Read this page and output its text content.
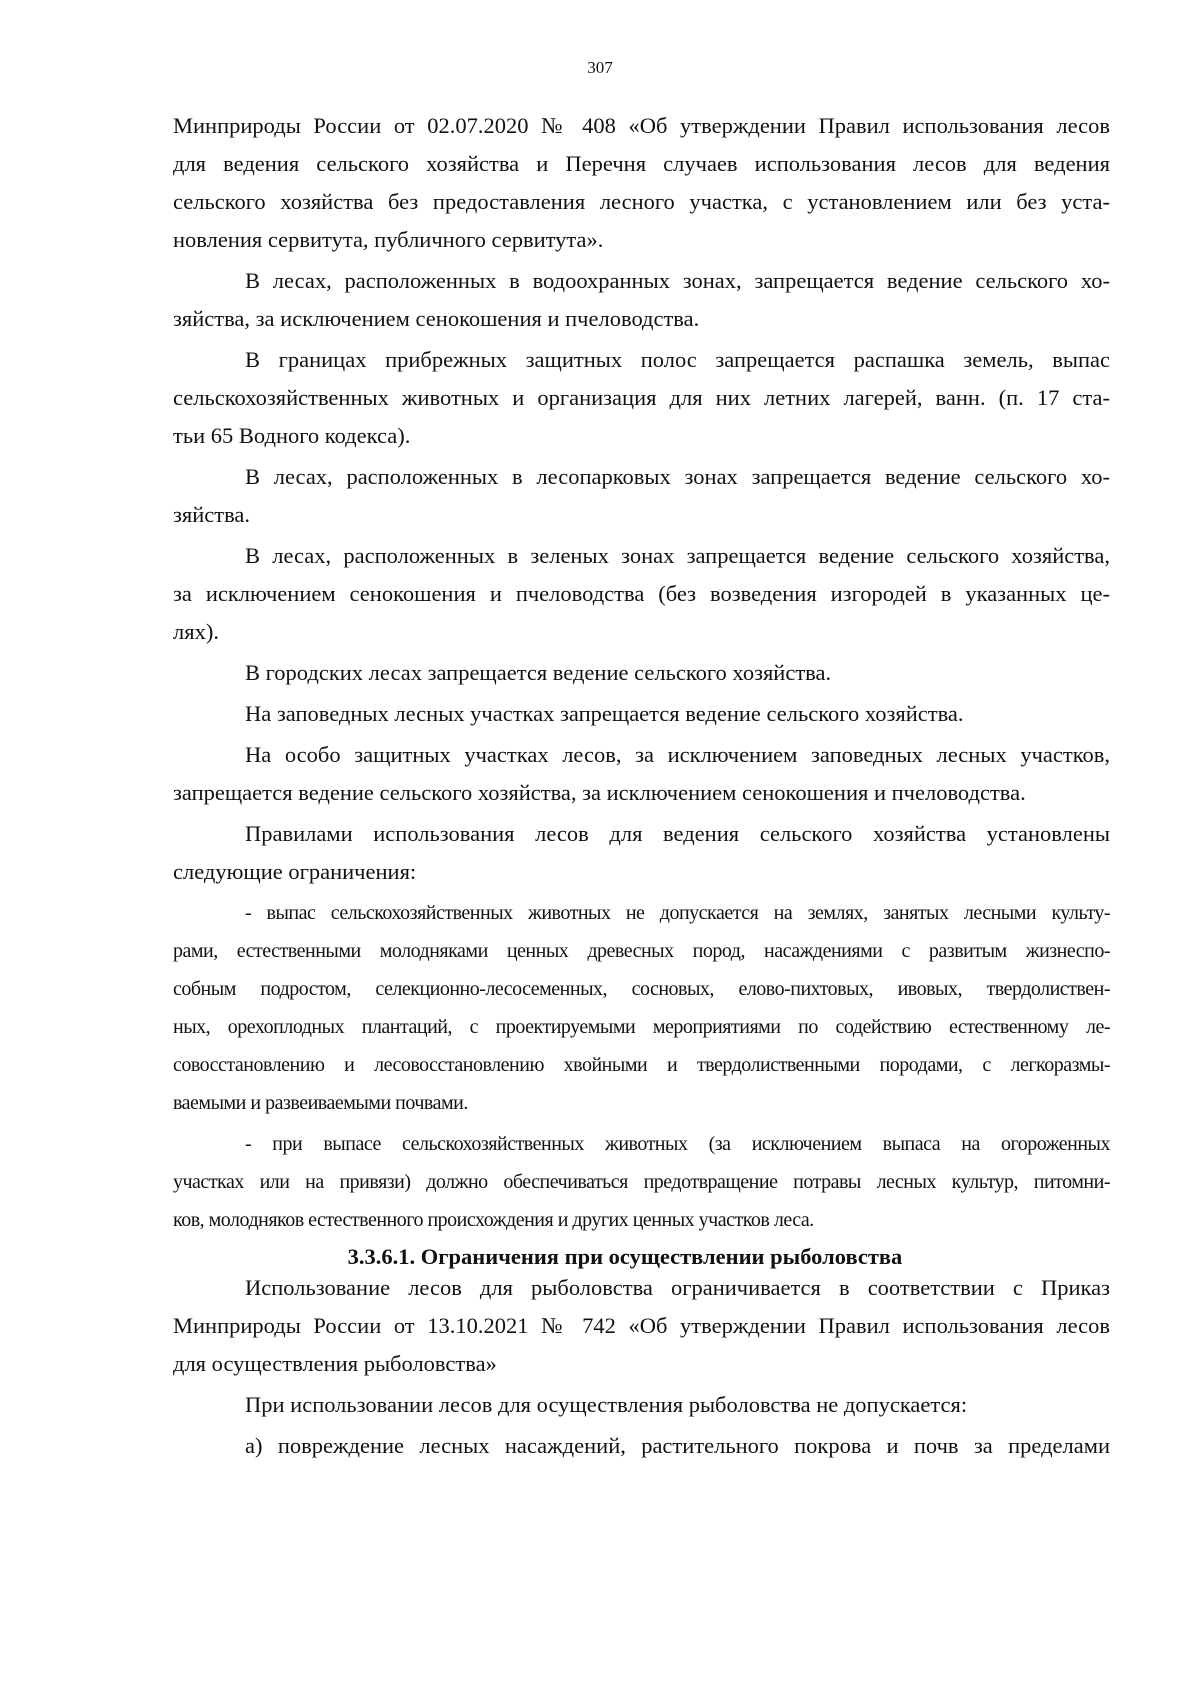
307
Минприроды России от 02.07.2020 № 408 «Об утверждении Правил использования лесов
для ведения сельского хозяйства и Перечня случаев использования лесов для ведения
сельского хозяйства без предоставления лесного участка, с установлением или без уста-
новления сервитута, публичного сервитута».
В лесах, расположенных в водоохранных зонах, запрещается ведение сельского хо-
зяйства, за исключением сенокошения и пчеловодства.
В границах прибрежных защитных полос запрещается распашка земель, выпас
сельскохозяйственных животных и организация для них летних лагерей, ванн. (п. 17 ста-
тьи 65 Водного кодекса).
В лесах, расположенных в лесопарковых зонах запрещается ведение сельского хо-
зяйства.
В лесах, расположенных в зеленых зонах запрещается ведение сельского хозяйства,
за исключением сенокошения и пчеловодства (без возведения изгородей в указанных це-
лях).
В городских лесах запрещается ведение сельского хозяйства.
На заповедных лесных участках запрещается ведение сельского хозяйства.
На особо защитных участках лесов, за исключением заповедных лесных участков,
запрещается ведение сельского хозяйства, за исключением сенокошения и пчеловодства.
Правилами использования лесов для ведения сельского хозяйства установлены
следующие ограничения:
- выпас сельскохозяйственных животных не допускается на землях, занятых лесными культу-
рами, естественными молодняками ценных древесных пород, насаждениями с развитым жизнеспо-
собным подростом, селекционно-лесосеменных, сосновых, елово-пихтовых, ивовых, твердолиствен-
ных, орехоплодных плантаций, с проектируемыми мероприятиями по содействию естественному ле-
совосстановлению и лесовосстановлению хвойными и твердолиственными породами, с легкоразмы-
ваемыми и развеиваемыми почвами.
- при выпасе сельскохозяйственных животных (за исключением выпаса на огороженных
участках или на привязи) должно обеспечиваться предотвращение потравы лесных культур, питомни-
ков, молодняков естественного происхождения и других ценных участков леса.
3.3.6.1. Ограничения при осуществлении рыболовства
Использование лесов для рыболовства ограничивается в соответствии с Приказ
Минприроды России от 13.10.2021 № 742 «Об утверждении Правил использования лесов
для осуществления рыболовства»
При использовании лесов для осуществления рыболовства не допускается:
а) повреждение лесных насаждений, растительного покрова и почв за пределами
